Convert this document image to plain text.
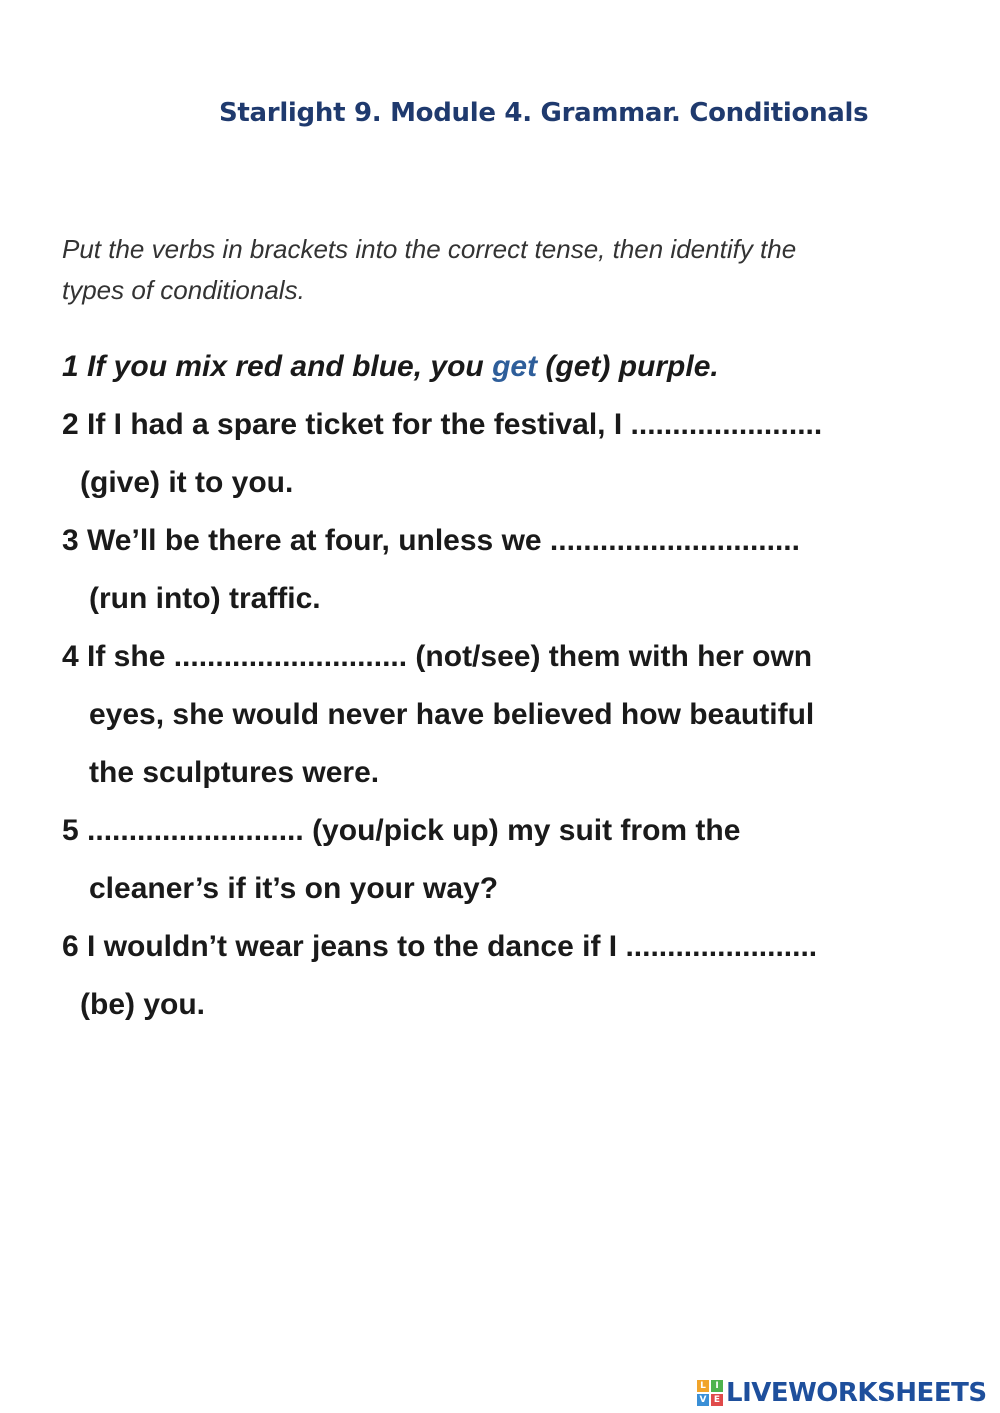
Starlight 9. Module 4. Grammar. Conditionals
Put the verbs in brackets into the correct tense, then identify the types of conditionals.
1 If you mix red and blue, you get (get) purple.
2 If I had a spare ticket for the festival, I .......................
(give) it to you.
3 We’ll be there at four, unless we ..............................
(run into) traffic.
4 If she ............................ (not/see) them with her own
eyes, she would never have believed how beautiful
the sculptures were.
5 .......................... (you/pick up) my suit from the
cleaner’s if it’s on your way?
6 I wouldn’t wear jeans to the dance if I .......................
(be) you.
L	I
V E LIVEWORKSHEETS
